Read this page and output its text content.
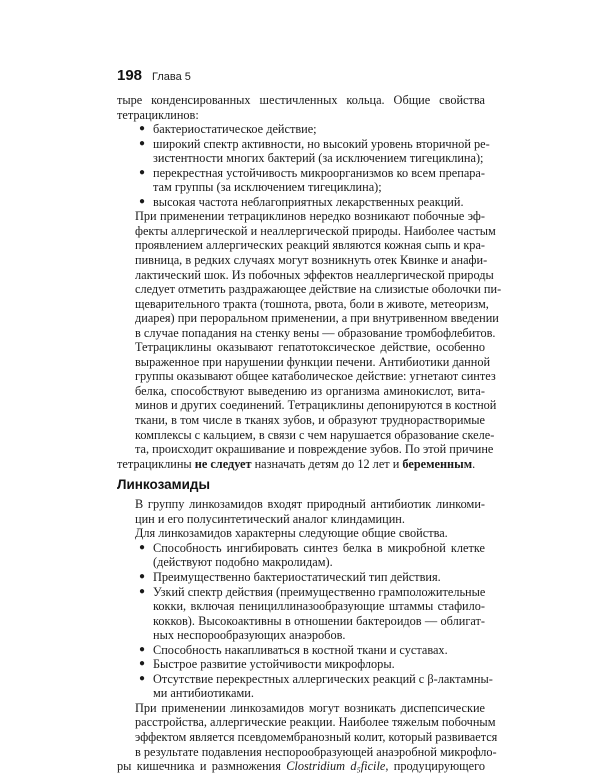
198 Глава 5

тыре конденсированных шестичленных кольца. Общие свойства
тетрациклинов:

● бактериостатическое действие;
● широкий спектр активности, но высокий уровень вторичной ре-
зистентности многих бактерий (за исключением тигециклина);
● перекрестная устойчивость микроорганизмов ко всем препара-
там группы (за исключением тигециклина);
● высокая частота неблагоприятных лекарственных реакций.

При применении тетрациклинов нередко возникают побочные эф-
фекты аллергической и неаллергической природы. Наиболее частым
проявлением аллергических реакций являются кожная сыпь и кра-
пивница, в редких случаях могут возникнуть отек Квинке и анафи-
лактический шок. Из побочных эффектов неаллергической природы
следует отметить раздражающее действие на слизистые оболочки пи-
щеварительного тракта (тошнота, рвота, боли в животе, метеоризм,
диарея) при пероральном применении, а при внутривенном введении
в случае попадания на стенку вены — образование тромбофлебитов.
Тетрациклины оказывают гепатотоксическое действие, особенно
выраженное при нарушении функции печени. Антибиотики данной
группы оказывают общее катаболическое действие: угнетают синтез
белка, способствуют выведению из организма аминокислот, вита-
минов и других соединений. Тетрациклины депонируются в костной
ткани, в том числе в тканях зубов, и образуют труднорастворимые
комплексы с кальцием, в связи с чем нарушается образование скеле-
та, происходит окрашивание и повреждение зубов. По этой причине

тетрациклины не следует назначать детям до 12 лет и беременным.

Линкозамиды

В группу линкозамидов входят природный антибиотик линкоми-
цин и его полусинтетический аналог клиндамицин.

Для линкозамидов характерны следующие общие свойства.

● Способность ингибировать синтез белка в микробной клетке
(действуют подобно макролидам).
● Преимущественно бактериостатический тип действия.
● Узкий спектр действия (преимущественно грамположительные
кокки, включая пенициллиназообразующие штаммы стафило-
кокков). Высокоактивны в отношении бактероидов — облигат-
ных неспорообразующих анаэробов.
● Способность накапливаться в костной ткани и суставах.
● Быстрое развитие устойчивости микрофлоры.
● Отсутствие перекрестных аллергических реакций с β-лактамны-
ми антибиотиками.

При применении линкозамидов могут возникать диспепсические
расстройства, аллергические реакции. Наиболее тяжелым побочным
эффектом является псевдомембранозный колит, который развивается
в результате подавления неспорообразующей анаэробной микрофло-

ры кишечника и размножения Clostridium d₅ficile, продуцирующего
